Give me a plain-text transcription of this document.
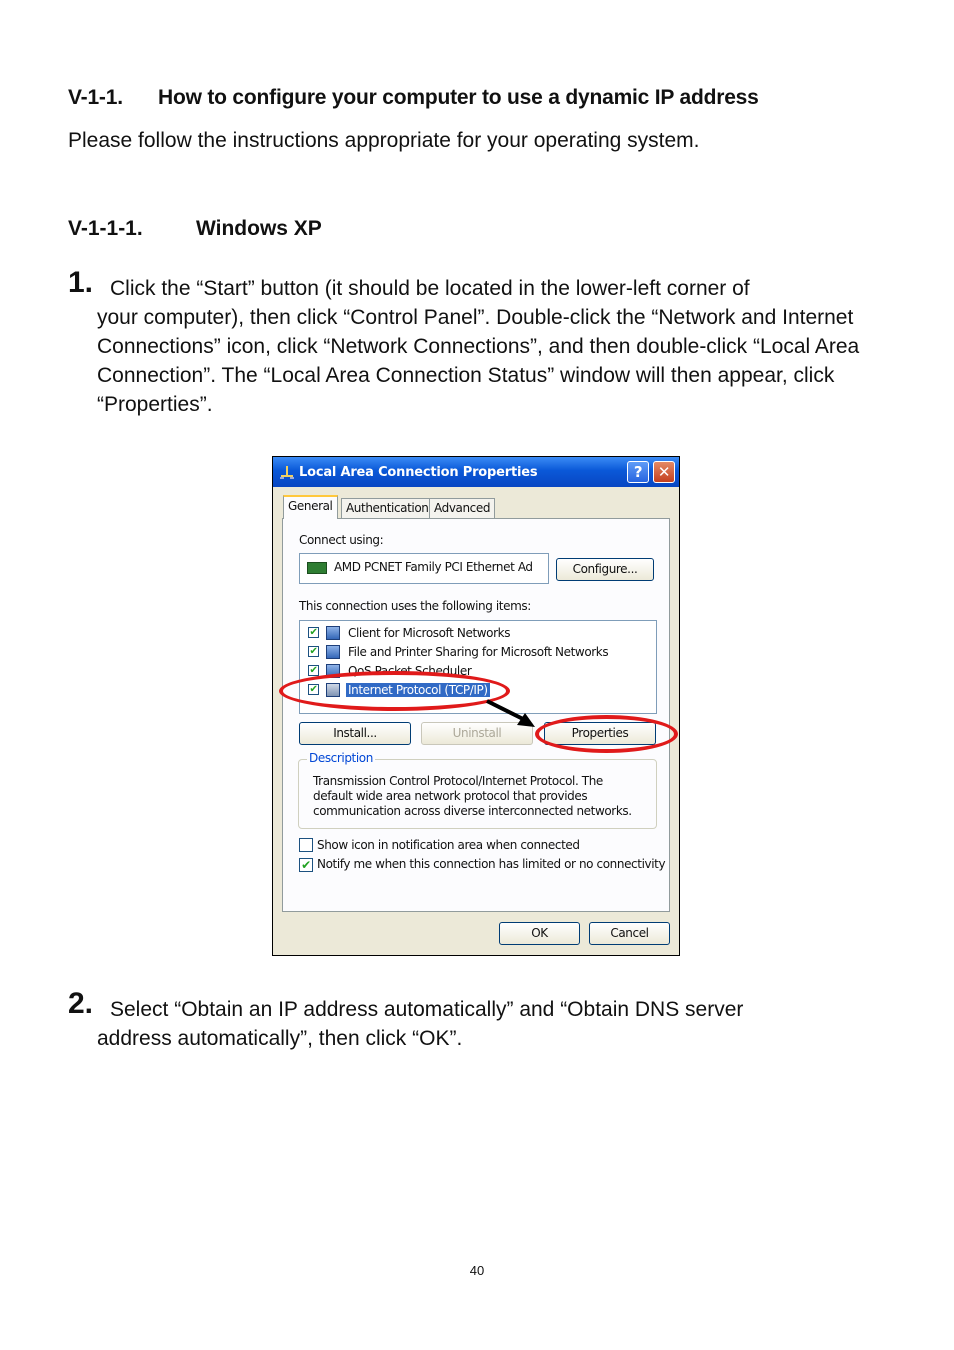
V-1-1. How to configure your computer to use a dynamic IP address
Please follow the instructions appropriate for your operating system.
V-1-1-1.	Windows XP
1. Click the “Start” button (it should be located in the lower-left corner of
your computer), then click “Control Panel”. Double-click the “Network and Internet Connections” icon, click “Network Connections”, and then double-click “Local Area Connection”. The “Local Area Connection Status” window will then appear, click “Properties”.
Local Area Connection Properties	?	✕
General	Authentication Advanced
Connect using:
AMD PCNET Family PCI Ethernet Ad	Configure...
This connection uses the following items:
✔	Client for Microsoft Networks
✔	File and Printer Sharing for Microsoft Networks
✔	QoS Packet Scheduler
✔	Internet Protocol (TCP/IP)
Install...	Uninstall	Properties
Description
Transmission Control Protocol/Internet Protocol. The default wide area network protocol that provides communication across diverse interconnected networks.
Show icon in notification area when connected
✔ Notify me when this connection has limited or no connectivity
OK	Cancel
2. Select “Obtain an IP address automatically” and “Obtain DNS server
address automatically”, then click “OK”.
40
